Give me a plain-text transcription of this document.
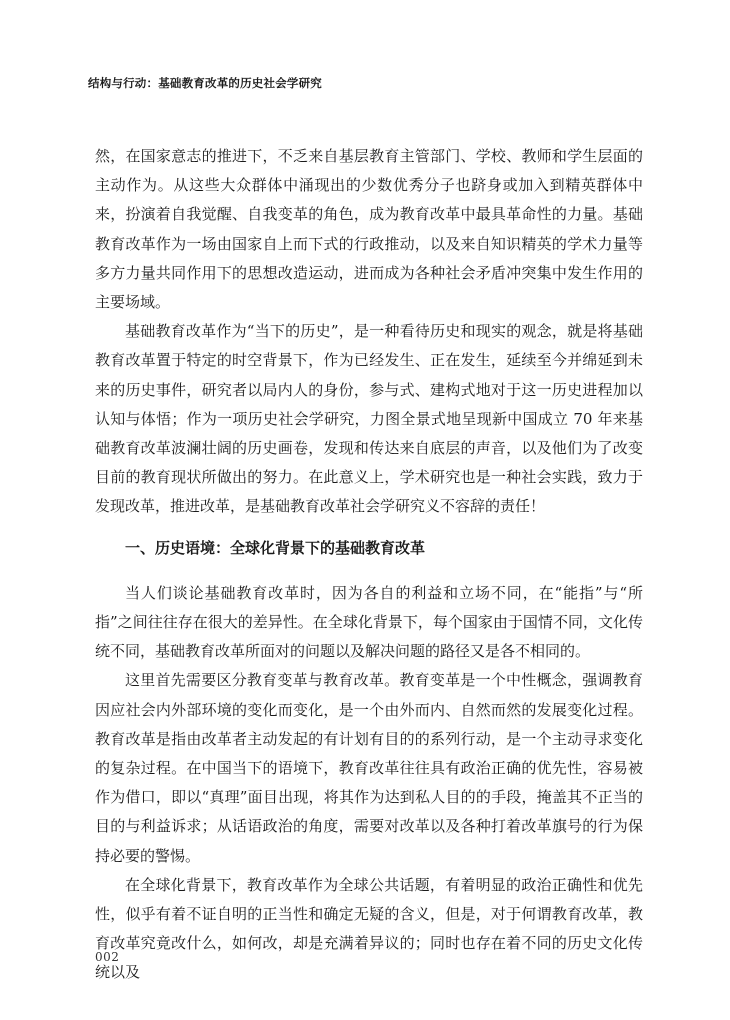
结构与行动：基础教育改革的历史社会学研究

然，在国家意志的推进下，不乏来自基层教育主管部门、学校、教师和学生层面的主动作为。从这些大众群体中涌现出的少数优秀分子也跻身或加入到精英群体中来，扮演着自我觉醒、自我变革的角色，成为教育改革中最具革命性的力量。基础教育改革作为一场由国家自上而下式的行政推动，以及来自知识精英的学术力量等多方力量共同作用下的思想改造运动，进而成为各种社会矛盾冲突集中发生作用的主要场域。

基础教育改革作为“当下的历史”，是一种看待历史和现实的观念，就是将基础教育改革置于特定的时空背景下，作为已经发生、正在发生，延续至今并绵延到未来的历史事件，研究者以局内人的身份，参与式、建构式地对于这一历史进程加以认知与体悟；作为一项历史社会学研究，力图全景式地呈现新中国成立 70 年来基础教育改革波澜壮阔的历史画卷，发现和传达来自底层的声音，以及他们为了改变目前的教育现状所做出的努力。在此意义上，学术研究也是一种社会实践，致力于发现改革，推进改革，是基础教育改革社会学研究义不容辞的责任！

一、历史语境：全球化背景下的基础教育改革

当人们谈论基础教育改革时，因为各自的利益和立场不同，在“能指”与“所指”之间往往存在很大的差异性。在全球化背景下，每个国家由于国情不同，文化传统不同，基础教育改革所面对的问题以及解决问题的路径又是各不相同的。

这里首先需要区分教育变革与教育改革。教育变革是一个中性概念，强调教育因应社会内外部环境的变化而变化，是一个由外而内、自然而然的发展变化过程。教育改革是指由改革者主动发起的有计划有目的的系列行动，是一个主动寻求变化的复杂过程。在中国当下的语境下，教育改革往往具有政治正确的优先性，容易被作为借口，即以“真理”面目出现，将其作为达到私人目的的手段，掩盖其不正当的目的与利益诉求；从话语政治的角度，需要对改革以及各种打着改革旗号的行为保持必要的警惕。

在全球化背景下，教育改革作为全球公共话题，有着明显的政治正确性和优先性，似乎有着不证自明的正当性和确定无疑的含义，但是，对于何谓教育改革，教育改革究竟改什么，如何改，却是充满着异议的；同时也存在着不同的历史文化传统以及

002
